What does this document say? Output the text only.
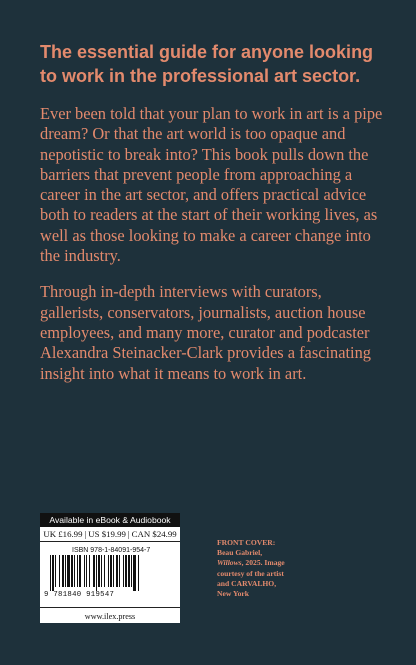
The essential guide for anyone looking to work in the professional art sector.

Ever been told that your plan to work in art is a pipe dream? Or that the art world is too opaque and nepotistic to break into? This book pulls down the barriers that prevent people from approaching a career in the art sector, and offers practical advice both to readers at the start of their working lives, as well as those looking to make a career change into the industry.

Through in-depth interviews with curators, gallerists, conservators, journalists, auction house employees, and many more, curator and podcaster Alexandra Steinacker-Clark provides a fascinating insight into what it means to work in art.

Available in eBook & Audiobook
UK £16.99 | US $19.99 | CAN $24.99
ISBN 978-1-84091-954-7
9 781840 919547
www.ilex.press
FRONT COVER:
Beau Gabriel, Willows, 2025. Image courtesy of the artist and CARVALHO, New York
